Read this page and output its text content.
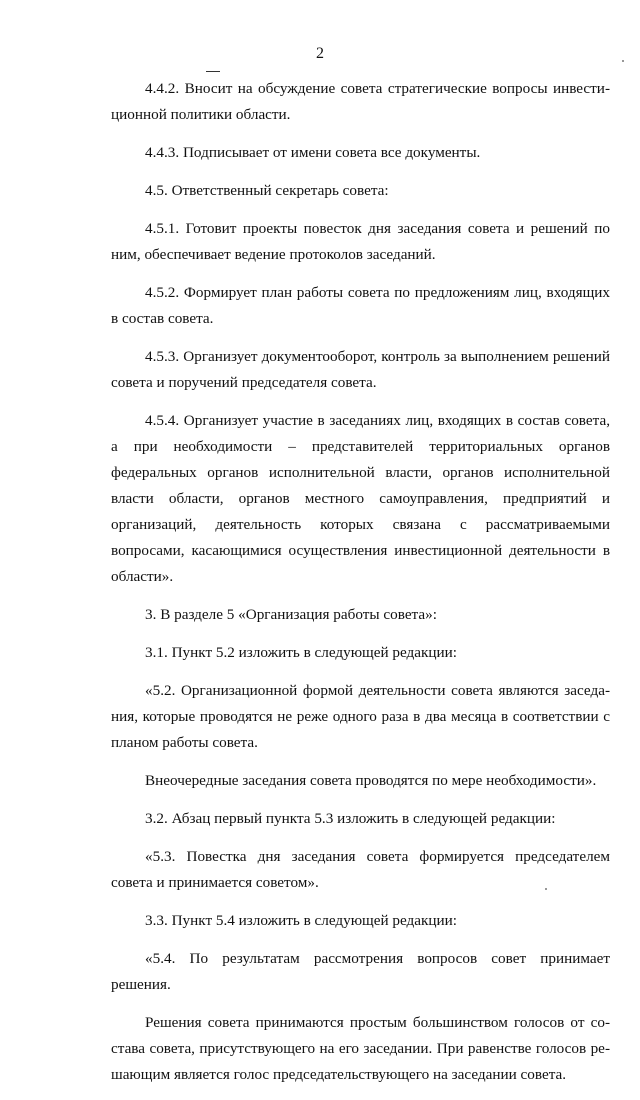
2

4.4.2. Вносит на обсуждение совета стратегические вопросы инвестиционной политики области.

4.4.3. Подписывает от имени совета все документы.

4.5. Ответственный секретарь совета:

4.5.1. Готовит проекты повесток дня заседания совета и решений по ним, обеспечивает ведение протоколов заседаний.

4.5.2. Формирует план работы совета по предложениям лиц, входящих в состав совета.

4.5.3. Организует документооборот, контроль за выполнением решений совета и поручений председателя совета.

4.5.4. Организует участие в заседаниях лиц, входящих в состав совета, а при необходимости – представителей территориальных органов федеральных органов исполнительной власти, органов исполнительной власти области, органов местного самоуправления, предприятий и организаций, деятельность которых связана с рассматриваемыми вопросами, касающимися осуществления инвестиционной деятельности в области».

3. В разделе 5 «Организация работы совета»:

3.1. Пункт 5.2 изложить в следующей редакции:

«5.2. Организационной формой деятельности совета являются заседания, которые проводятся не реже одного раза в два месяца в соответствии с планом работы совета.

Внеочередные заседания совета проводятся по мере необходимости».

3.2. Абзац первый пункта 5.3 изложить в следующей редакции:

«5.3. Повестка дня заседания совета формируется председателем совета и принимается советом».

3.3. Пункт 5.4 изложить в следующей редакции:

«5.4. По результатам рассмотрения вопросов совет принимает решения.

Решения совета принимаются простым большинством голосов от состава совета, присутствующего на его заседании. При равенстве голосов решающим является голос председательствующего на заседании совета.
